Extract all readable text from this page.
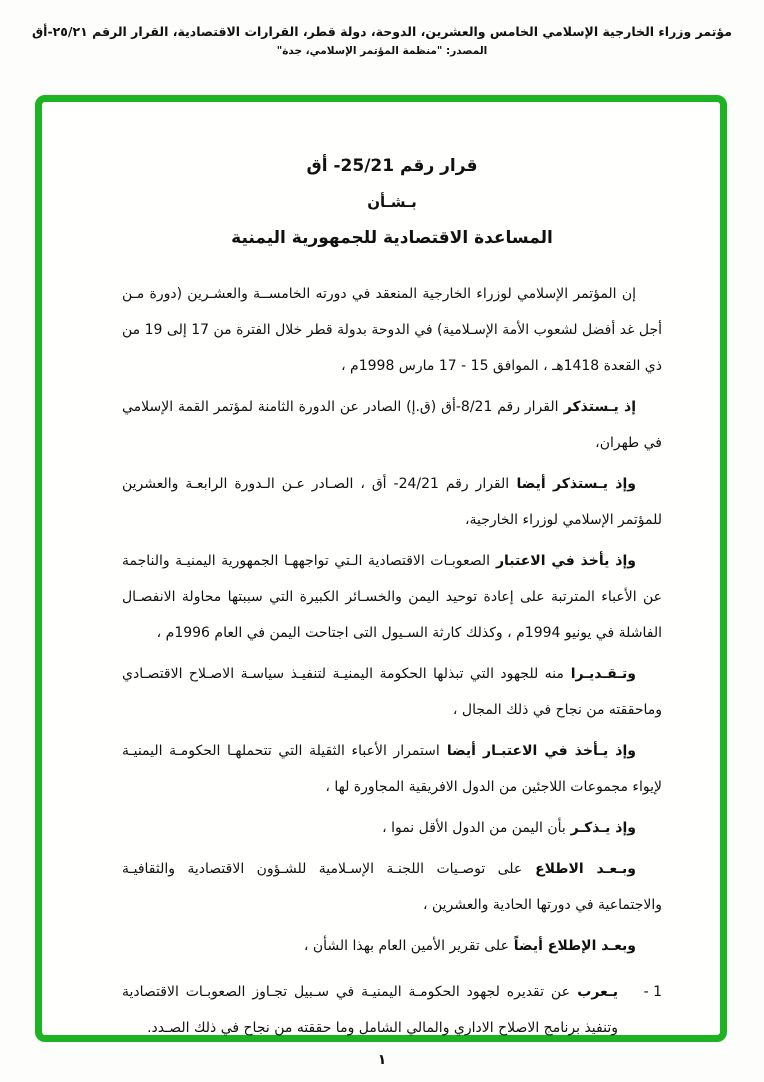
مؤتمر وزراء الخارجية الإسلامي الخامس والعشرين، الدوحة، دولة قطر، القرارات الاقتصادية، القرار الرقم ٢٥/٢١-أق
المصدر: "منظمة المؤتمر الإسلامي، جدة"
قرار رقم 25/21- أق
بـشـأن
المساعدة الاقتصادية للجمهورية اليمنية

إن المؤتمر الإسلامي لوزراء الخارجية المنعقد في دورته الخامســة والعشـرين (دورة مـن أجل غد أفضل لشعوب الأمة الإسـلامية) في الدوحة بدولة قطر خلال الفترة من 17 إلى 19 من ذي القعدة 1418هـ ، الموافق 15 - 17 مارس 1998م ،

إذ يـستذكر القرار رقم 8/21-أق (ق.إ) الصادر عن الدورة الثامنة لمؤتمر القمة الإسلامي في طهران،

وإذ يـستذكر أيضا القرار رقم 24/21- أق ، الصـادر عـن الـدورة الرابعـة والعشرين للمؤتمر الإسلامي لوزراء الخارجية،

وإذ يأخذ في الاعتبار الصعوبـات الاقتصادية الـتي تواجههـا الجمهورية اليمنيـة والناجمة عن الأعباء المترتبة على إعادة توحيد اليمن والخسـائر الكبيرة التي سببتها محاولة الانفصـال الفاشلة في يونيو 1994م ، وكذلك كارثة السـيول التى اجتاحت اليمن في العام 1996م ،

وتـقـديـرا منه للجهود التي تبذلها الحكومة اليمنيـة لتنفيـذ سياسـة الاصـلاح الاقتصـادي وماحققته من نجاح في ذلك المجال ،

وإذ يـأخذ في الاعتبـار أيضا استمرار الأعباء الثقيلة التي تتحملهـا الحكومـة اليمنيـة لإيواء مجموعات اللاجئين من الدول الافريقية المجاورة لها ،

وإذ يـذكـر بأن اليمن من الدول الأقل نموا ،

وبـعـد الاطلاع على توصـيات اللجنـة الإسـلامية للشـؤون الاقتصادية والثقافيـة والاجتماعية في دورتها الحادية والعشرين ،

وبعـد الإطلاع أيضاً على تقرير الأمين العام بهذا الشأن ،

1 -
يـعرب عن تقديره لجهود الحكومـة اليمنيـة في سـبيل تجـاوز الصعوبـات الاقتصادية وتنفيذ برنامج الاصلاح الاداري والمالي الشامل وما حققته من نجاح في ذلك الصـدد.
١
